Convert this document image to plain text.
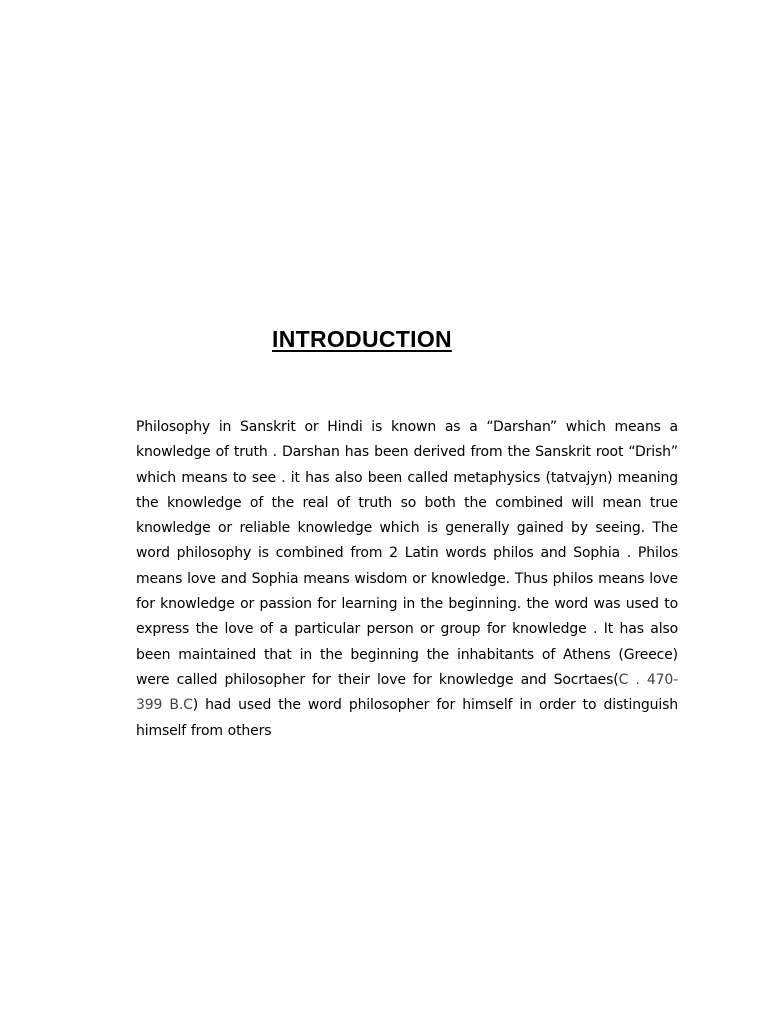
INTRODUCTION

Philosophy in Sanskrit or Hindi is known as a “Darshan” which means a knowledge of truth . Darshan has been derived from the Sanskrit root “Drish” which means to see . it has also been called metaphysics (tatvajyn) meaning the knowledge of the real of truth so both the combined will mean true knowledge or reliable knowledge which is generally gained by seeing. The word philosophy is combined from 2 Latin words philos and Sophia . Philos means love and Sophia means wisdom or knowledge. Thus philos means love for knowledge or passion for learning in the beginning. the word was used to express the love of a particular person or group for knowledge . It has also been maintained that in the beginning the inhabitants of Athens (Greece) were called philosopher for their love for knowledge and Socrtaes(C . 470-399 B.C) had used the word philosopher for himself in order to distinguish himself from others
